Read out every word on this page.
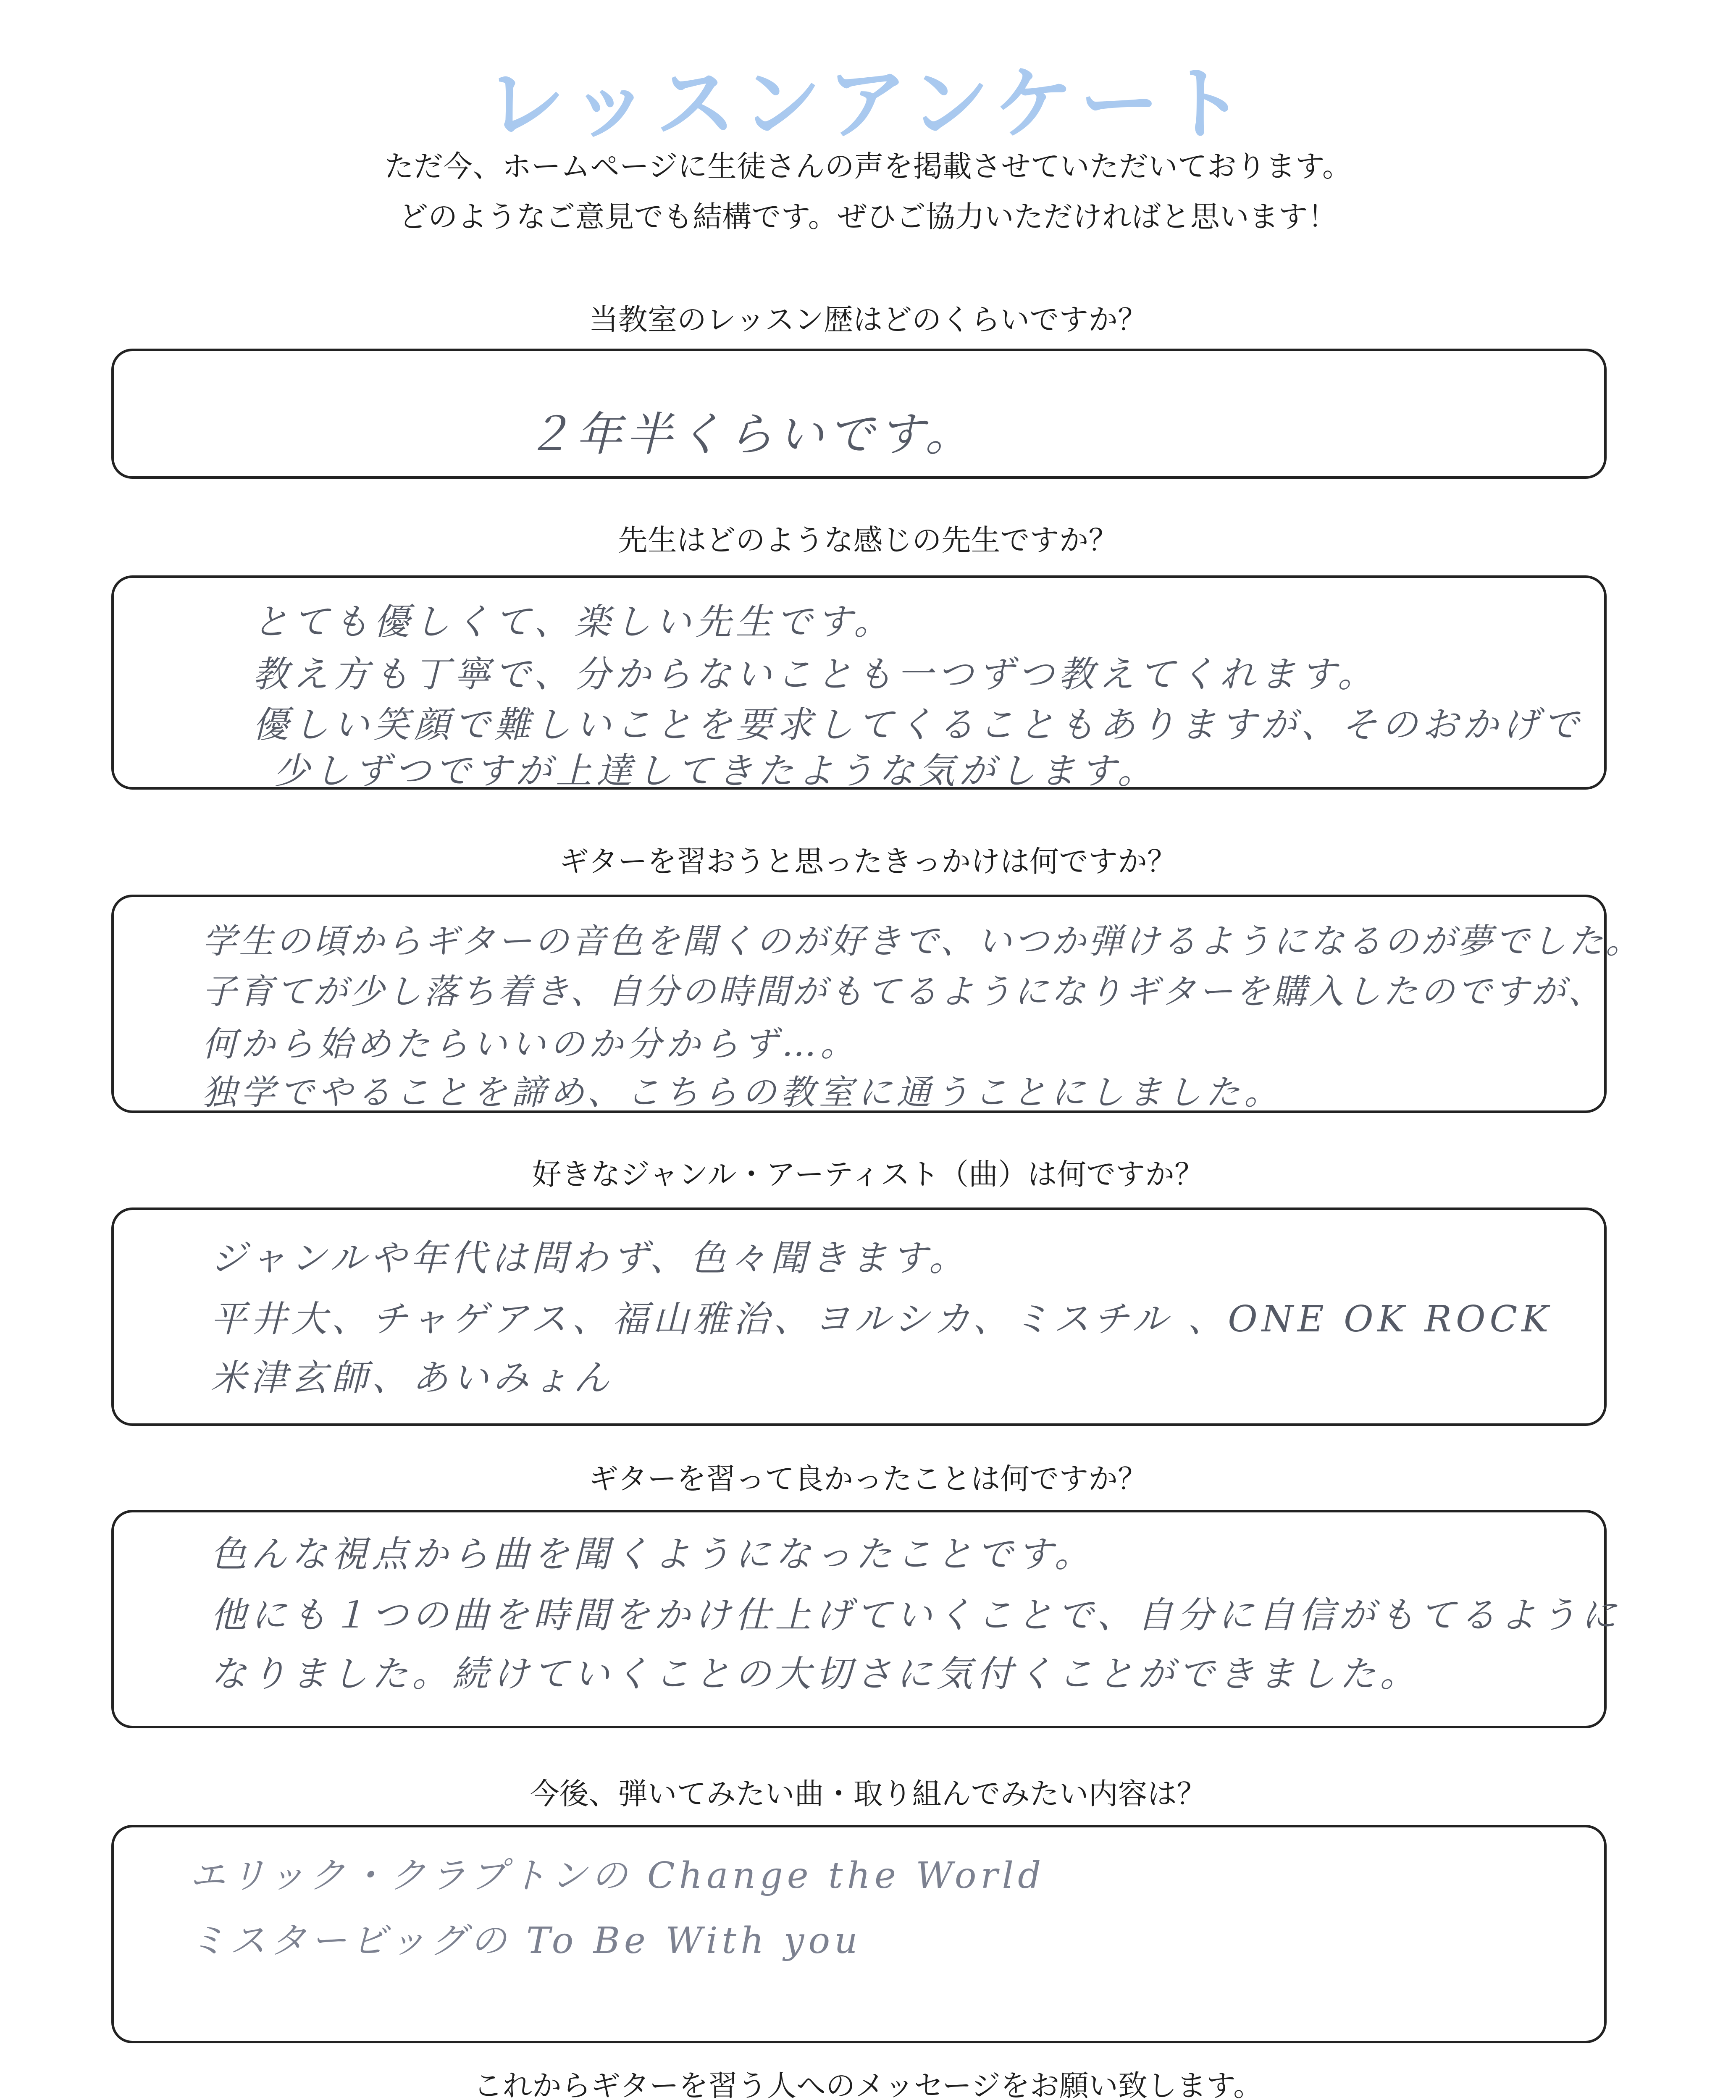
レッスンアンケート
ただ今、ホームページに生徒さんの声を掲載させていただいております。
どのようなご意見でも結構です。ぜひご協力いただければと思います！
当教室のレッスン歴はどのくらいですか？
２年半くらいです。
先生はどのような感じの先生ですか？
とても優しくて、楽しい先生です。
教え方も丁寧で、分からないことも一つずつ教えてくれます。
優しい笑顔で難しいことを要求してくることもありますが、そのおかげで
少しずつですが上達してきたような気がします。
ギターを習おうと思ったきっかけは何ですか？
学生の頃からギターの音色を聞くのが好きで、いつか弾けるようになるのが夢でした。
子育てが少し落ち着き、自分の時間がもてるようになりギターを購入したのですが、
何から始めたらいいのか分からず…。
独学でやることを諦め、こちらの教室に通うことにしました。
好きなジャンル・アーティスト（曲）は何ですか？
ジャンルや年代は問わず、色々聞きます。
平井大、チャゲアス、福山雅治、ヨルシカ、ミスチル 、ONE OK ROCK
米津玄師、あいみょん
ギターを習って良かったことは何ですか？
色んな視点から曲を聞くようになったことです。
他にも１つの曲を時間をかけ仕上げていくことで、自分に自信がもてるように
なりました。続けていくことの大切さに気付くことができました。
今後、弾いてみたい曲・取り組んでみたい内容は？
エリック・クラプトンの Change the World
ミスタービッグの To Be With you
これからギターを習う人へのメッセージをお願い致します。
